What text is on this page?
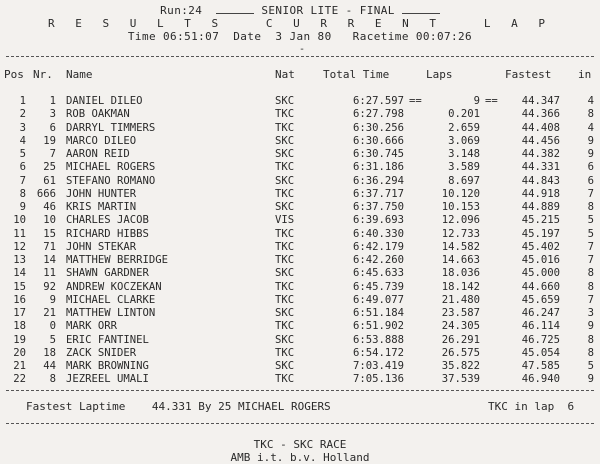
Run:24	SENIOR LITE - FINAL
R E S U L T S   C U R R E N T   L A P
Time 06:51:07 Date 3 Jan 80 Racetime 00:07:26
-
Pos Nr. Name	Nat	Total Time	Laps	Fastest in
1	1 DANIEL DILEO	SKC	6:27.597 ==	9 ==	44.347	4
2	3 ROB OAKMAN	TKC	6:27.798	0.201	44.366	8
3	6 DARRYL TIMMERS	TKC	6:30.256	2.659	44.408	4
4	19 MARCO DILEO	SKC	6:30.666	3.069	44.456	9
5	7 AARON REID	SKC	6:30.745	3.148	44.382	9
6	25 MICHAEL ROGERS	TKC	6:31.186	3.589	44.331	6
7	61 STEFANO ROMANO	SKC	6:36.294	8.697	44.843	6
8	666 JOHN HUNTER	TKC	6:37.717	10.120	44.918	7
9	46 KRIS MARTIN	SKC	6:37.750	10.153	44.889	8
10	10 CHARLES JACOB	VIS	6:39.693	12.096	45.215	5
11	15 RICHARD HIBBS	TKC	6:40.330	12.733	45.197	5
12	71 JOHN STEKAR	TKC	6:42.179	14.582	45.402	7
13	14 MATTHEW BERRIDGE	TKC	6:42.260	14.663	45.016	7
14	11 SHAWN GARDNER	SKC	6:45.633	18.036	45.000	8
15	92 ANDREW KOCZEKAN	TKC	6:45.739	18.142	44.660	8
16	9 MICHAEL CLARKE	TKC	6:49.077	21.480	45.659	7
17	21 MATTHEW LINTON	SKC	6:51.184	23.587	46.247	3
18	0 MARK ORR	TKC	6:51.902	24.305	46.114	9
19	5 ERIC FANTINEL	SKC	6:53.888	26.291	46.725	8
20	18 ZACK SNIDER	TKC	6:54.172	26.575	45.054	8
21	44 MARK BROWNING	SKC	7:03.419	35.822	47.585	5
22	8 JEZREEL UMALI	TKC	7:05.136	37.539	46.940	9
Fastest Laptime 44.331 By 25 MICHAEL ROGERS	TKC in lap 6
TKC - SKC RACE
AMB i.t. b.v. Holland
